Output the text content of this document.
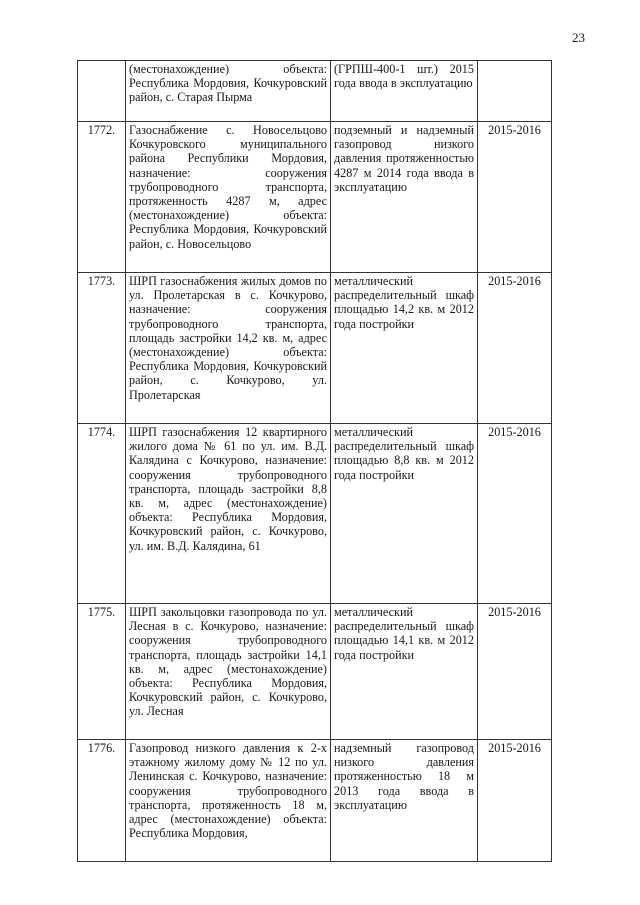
23
	(местонахождение) объекта: Республика Мордовия, Кочкуровский район, с. Старая Пырма	(ГРПШ-400-1 шт.) 2015 года ввода в эксплуатацию	
1772.	Газоснабжение с. Новосельцово Кочкуровского муниципального района Республики Мордовия, назначение: сооружения трубопроводного транспорта, протяженность 4287 м, адрес (местонахождение) объекта: Республика Мордовия, Кочкуровский район, с. Новосельцово	подземный и надземный газопровод низкого давления протяженностью 4287 м 2014 года ввода в эксплуатацию	2015-2016
1773.	ШРП газоснабжения жилых домов по ул. Пролетарская в с. Кочкурово, назначение: сооружения трубопроводного транспорта, площадь застройки 14,2 кв. м, адрес (местонахождение) объекта: Республика Мордовия, Кочкуровский район, с. Кочкурово, ул. Пролетарская	металлический распределительный шкаф площадью 14,2 кв. м 2012 года постройки	2015-2016
1774.	ШРП газоснабжения 12 квартирного жилого дома № 61 по ул. им. В.Д. Калядина с Кочкурово, назначение: сооружения трубопроводного транспорта, площадь застройки 8,8 кв. м, адрес (местонахождение) объекта: Республика Мордовия, Кочкуровский район, с. Кочкурово, ул. им. В.Д. Калядина, 61	металлический распределительный шкаф площадью 8,8 кв. м 2012 года постройки	2015-2016
1775.	ШРП закольцовки газопровода по ул. Лесная в с. Кочкурово, назначение: сооружения трубопроводного транспорта, площадь застройки 14,1 кв. м, адрес (местонахождение) объекта: Республика Мордовия, Кочкуровский район, с. Кочкурово, ул. Лесная	металлический распределительный шкаф площадью 14,1 кв. м 2012 года постройки	2015-2016
1776.	Газопровод низкого давления к 2-х этажному жилому дому № 12 по ул. Ленинская с. Кочкурово, назначение: сооружения трубопроводного транспорта, протяженность 18 м, адрес (местонахождение) объекта: Республика Мордовия,	надземный газопровод низкого давления протяженностью 18 м 2013 года ввода в эксплуатацию	2015-2016
